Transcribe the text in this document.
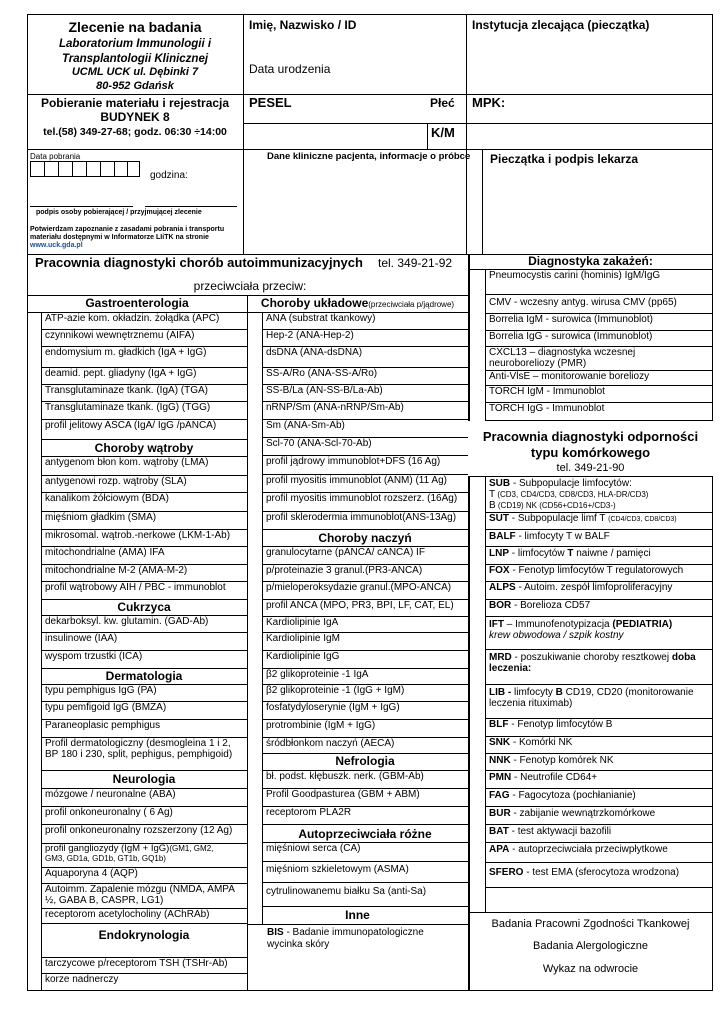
Zlecenie na badania
Laboratorium Immunologii i
Transplantologii Klinicznej
UCML UCK ul. Dębinki 7
80-952 Gdańsk
Imię, Nazwisko / ID
Data urodzenia
Instytucja zlecająca (pieczątka)
Pobieranie materiału i rejestracja
BUDYNEK 8
tel.(58) 349-27-68; godz. 06:30 ÷14:00
PESEL	Płeć MPK:
K/M
Data pobrania
godzina:
podpis osoby pobierającej / przyjmującej zlecenie
Potwierdzam zapoznanie z zasadami pobrania i transportu
materiału dostępnymi w Informatorze LIiTK na stronie
www.uck.gda.pl
Dane kliniczne pacjenta, informacje o próbce Pieczątka i podpis lekarza
Pracownia diagnostyki chorób autoimmunizacyjnych tel. 349-21-92
przeciwciała przeciw:
Gastroenterologia
ATP-azie kom. okładzin. żołądka (APC)
czynnikowi wewnętrznemu (AIFA)
endomysium m. gładkich (IgA + IgG)
deamid. pept. gliadyny (IgA + IgG)
Transglutaminaze tkank. (IgA) (TGA)
Transglutaminaze tkank. (IgG) (TGG)
profil jelitowy ASCA (IgA/ IgG /pANCA)
Choroby wątroby
antygenom błon kom. wątroby (LMA)
antygenowi rozp. wątroby (SLA)
kanalikom żółciowym (BDA)
mięśniom gładkim (SMA)
mikrosomal. wątrob.-nerkowe (LKM-1-Ab)
mitochondrialne (AMA) IFA
mitochondrialne M-2 (AMA-M-2)
profil wątrobowy AIH / PBC - immunoblot
Cukrzyca
dekarboksyl. kw. glutamin. (GAD-Ab)
insulinowe (IAA)
wyspom trzustki (ICA)
Dermatologia
typu pemphigus IgG (PA)
typu pemfigoid IgG (BMZA)
Paraneoplasic pemphigus
Profil dermatologiczny (desmogleina 1 i 2,
BP 180 i 230, split, pephigus, pemphigoid)
Neurologia
mózgowe / neuronalne (ABA)
profil onkoneuronalny ( 6 Ag)
profil onkoneuronalny rozszerzony (12 Ag)
profil gangliozydy (IgM + IgG)(GM1, GM2,
GM3, GD1a, GD1b, GT1b, GQ1b)
Aquaporyna 4 (AQP)
Autoimm. Zapalenie mózgu (NMDA, AMPA
½, GABA B, CASPR, LG1)
receptorom acetylocholiny (AChRAb)
Endokrynologia
tarczycowe p/receptorom TSH (TSHr-Ab)
korze nadnerczy
Choroby układowe(przeciwciała p/jądrowe)
ANA (substrat tkankowy)
Hep-2 (ANA-Hep-2)
dsDNA (ANA-dsDNA)
SS-A/Ro (ANA-SS-A/Ro)
SS-B/La (AN-SS-B/La-Ab)
nRNP/Sm (ANA-nRNP/Sm-Ab)
Sm (ANA-Sm-Ab)
Scl-70 (ANA-Scl-70-Ab)
profil jądrowy immunoblot+DFS (16 Ag)
profil myositis immunoblot (ANM) (11 Ag)
profil myositis immunoblot rozszerz. (16Ag)
profil sklerodermia immunoblot(ANS-13Ag)
Choroby naczyń
granulocytarne (pANCA/ cANCA) IF
p/proteinazie 3 granul.(PR3-ANCA)
p/mieloperoksydazie granul.(MPO-ANCA)
profil ANCA (MPO, PR3, BPI, LF, CAT, EL)
Kardiolipinie IgA
Kardiolipinie IgM
Kardiolipinie IgG
β2 glikoproteinie -1 IgA
β2 glikoproteinie -1 (IgG + IgM)
fosfatydyloserynie (IgM + IgG)
protrombinie (IgM + IgG)
śródbłonkom naczyń (AECA)
Nefrologia
bł. podst. kłębuszk. nerk. (GBM-Ab)
Profil Goodpasturea (GBM + ABM)
receptorom PLA2R
Autoprzeciwciała różne
mięśniowi serca (CA)
mięśniom szkieletowym (ASMA)
cytrulinowanemu białku Sa (anti-Sa)
Inne
BIS - Badanie immunopatologiczne
wycinka skóry
Diagnostyka zakażeń:
Pneumocystis carini (hominis) IgM/IgG
CMV - wczesny antyg. wirusa CMV (pp65)
Borrelia IgM - surowica (Immunoblot)
Borrelia IgG - surowica (Immunoblot)
CXCL13 – diagnostyka wczesnej
neuroboreliozy (PMR)
Anti-VlsE – monitorowanie boreliozy
TORCH IgM - Immunoblot
TORCH IgG - Immunoblot
Pracownia diagnostyki odporności
typu komórkowego
tel. 349-21-90
SUB - Subpopulacje limfocytów:
T (CD3, CD4/CD3, CD8/CD3, HLA-DR/CD3)
B (CD19) NK (CD56+CD16+/CD3-)
SUT - Subpopulacje limf T (CD4/CD3, CD8/CD3)
BALF - limfocyty T w BALF
LNP - limfocytów T naiwne / pamięci
FOX - Fenotyp limfocytów T regulatorowych
ALPS - Autoim. zespół limfoproliferacyjny
BOR - Borelioza CD57
IFT – Immunofenotypizacja (PEDIATRIA)
krew obwodowa / szpik kostny
MRD - poszukiwanie choroby resztkowej doba
leczenia:
LIB - limfocyty B CD19, CD20 (monitorowanie
leczenia rituximab)
BLF - Fenotyp limfocytów B
SNK - Komórki NK
NNK - Fenotyp komórek NK
PMN - Neutrofile CD64+
FAG - Fagocytoza (pochłanianie)
BUR - zabijanie wewnątrzkomórkowe
BAT - test aktywacji bazofili
APA - autoprzeciwciała przeciwpłytkowe
SFERO - test EMA (sferocytoza wrodzona)
Badania Pracowni Zgodności Tkankowej
Badania Alergologiczne
Wykaz na odwrocie
